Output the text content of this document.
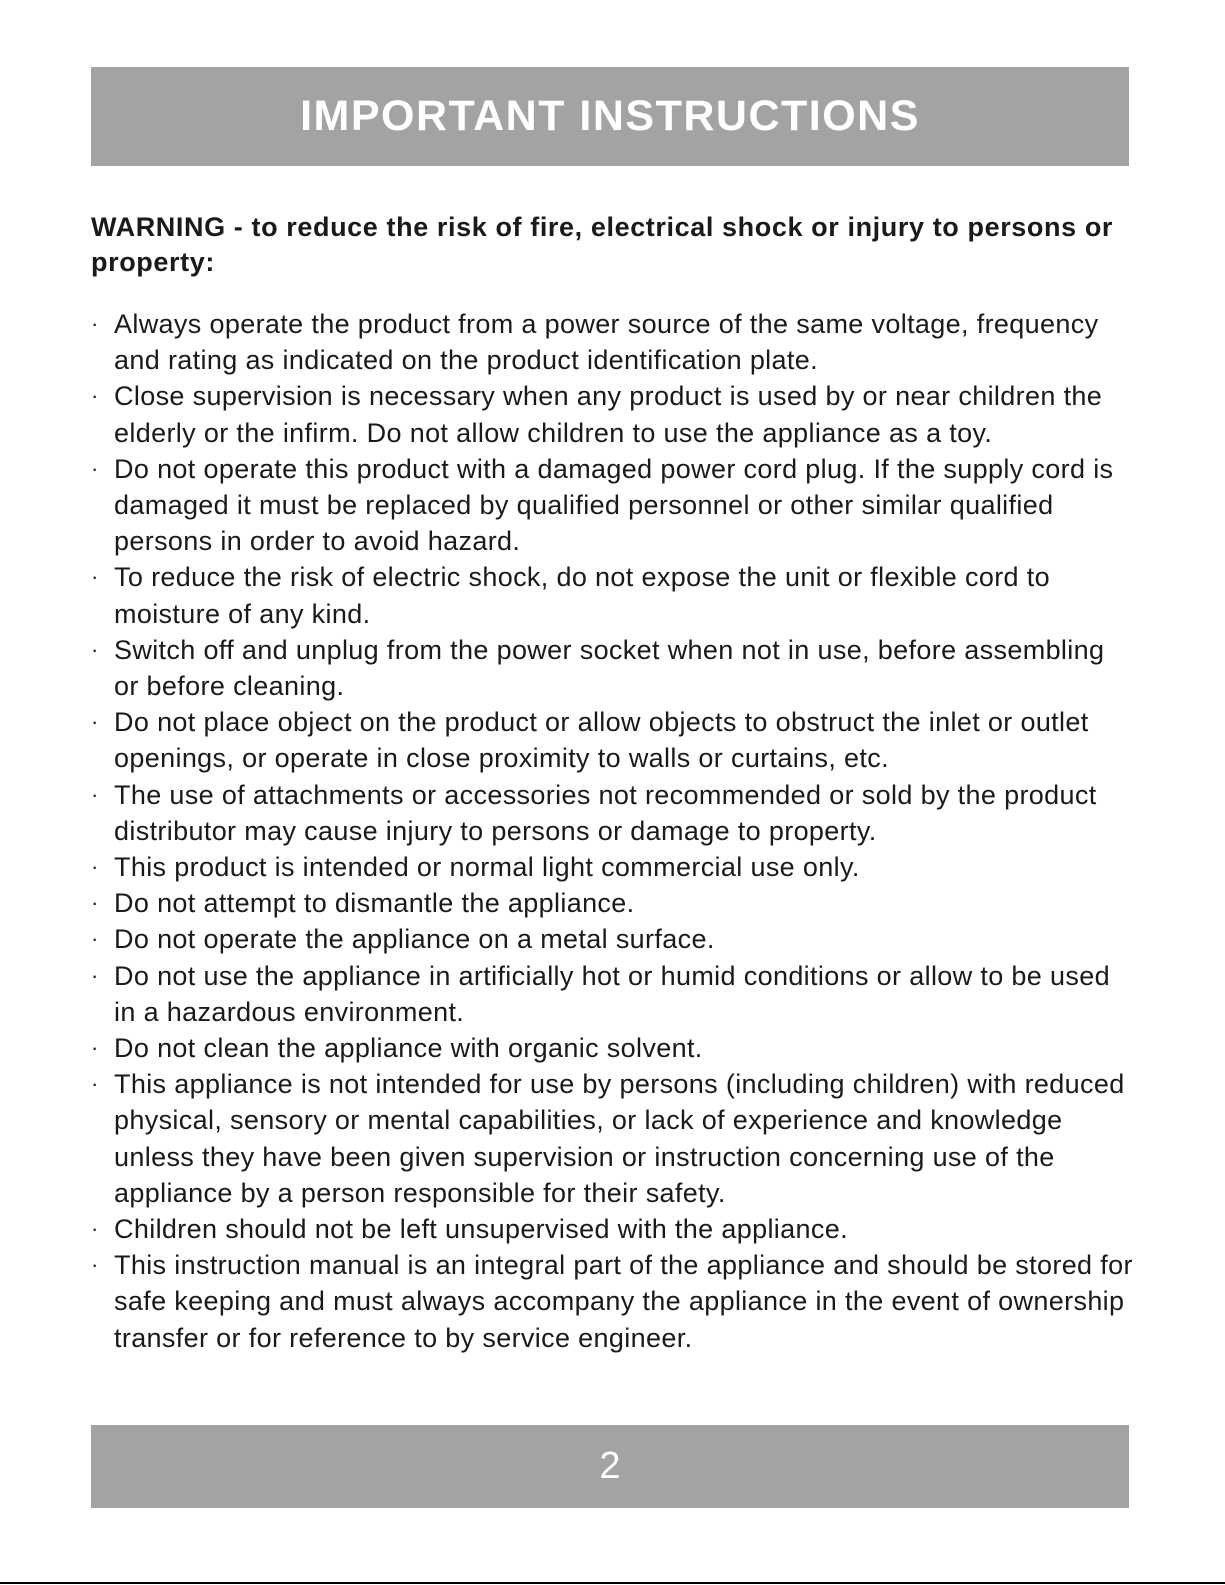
IMPORTANT INSTRUCTIONS

WARNING - to reduce the risk of fire, electrical shock or injury to persons or property:

· Always operate the product from a power source of the same voltage, frequency and rating as indicated on the product identification plate.
· Close supervision is necessary when any product is used by or near children the elderly or the infirm. Do not allow children to use the appliance as a toy.
· Do not operate this product with a damaged power cord plug. If the supply cord is damaged it must be replaced by qualified personnel or other similar qualified persons in order to avoid hazard.
· To reduce the risk of electric shock, do not expose the unit or flexible cord to moisture of any kind.
· Switch off and unplug from the power socket when not in use, before assembling or before cleaning.
· Do not place object on the product or allow objects to obstruct the inlet or outlet openings, or operate in close proximity to walls or curtains, etc.
· The use of attachments or accessories not recommended or sold by the product distributor may cause injury to persons or damage to property.
· This product is intended or normal light commercial use only.
· Do not attempt to dismantle the appliance.
· Do not operate the appliance on a metal surface.
· Do not use the appliance in artificially hot or humid conditions or allow to be used in a hazardous environment.
· Do not clean the appliance with organic solvent.
· This appliance is not intended for use by persons (including children) with reduced physical, sensory or mental capabilities, or lack of experience and knowledge unless they have been given supervision or instruction concerning use of the appliance by a person responsible for their safety.
· Children should not be left unsupervised with the appliance.
· This instruction manual is an integral part of the appliance and should be stored for safe keeping and must always accompany the appliance in the event of ownership transfer or for reference to by service engineer.
2
